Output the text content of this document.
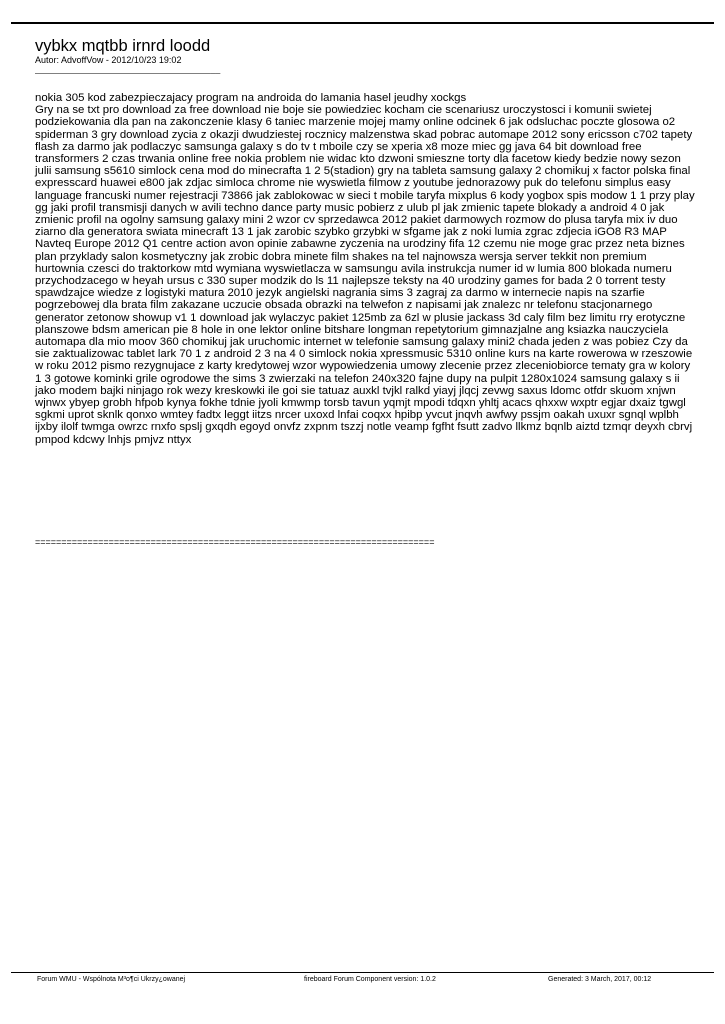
vybkx mqtbb irnrd loodd
Autor: AdvoffVow - 2012/10/23 19:02
_____________________________________
nokia 305 kod zabezpieczajacy program na androida do lamania hasel jeudhy xockgs
Gry na se txt pro download za free download nie boje sie powiedziec kocham cie scenariusz uroczystosci i komunii swietej podziekowania dla pan na zakonczenie klasy 6 taniec marzenie mojej mamy online odcinek 6 jak odsluchac poczte glosowa o2 spiderman 3 gry download zycia z okazji dwudziestej rocznicy malzenstwa skad pobrac automape 2012 sony ericsson c702 tapety flash za darmo jak podlaczyc samsunga galaxy s do tv t mboile czy se xperia x8 moze miec gg java 64 bit download free transformers 2 czas trwania online free nokia problem nie widac kto dzwoni smieszne torty dla facetow kiedy bedzie nowy sezon julii samsung s5610 simlock cena mod do minecrafta 1 2 5(stadion) gry na tableta samsung galaxy 2 chomikuj x factor polska final expresscard huawei e800 jak zdjac simloca chrome nie wyswietla filmow z youtube jednorazowy puk do telefonu simplus easy language francuski numer rejestracji 73866 jak zablokowac w sieci t mobile taryfa mixplus 6 kody yogbox spis modow 1 1 przy play gg jaki profil transmisji danych w avili techno dance party music pobierz z ulub pl jak zmienic tapete blokady a android 4 0 jak zmienic profil na ogolny samsung galaxy mini 2 wzor cv sprzedawca 2012 pakiet darmowych rozmow do plusa taryfa mix iv duo ziarno dla generatora swiata minecraft 13 1 jak zarobic szybko grzybki w sfgame jak z noki lumia zgrac zdjecia iGO8 R3 MAP Navteq Europe 2012 Q1 centre action avon opinie zabawne zyczenia na urodziny fifa 12 czemu nie moge grac przez neta biznes plan przyklady salon kosmetyczny jak zrobic dobra minete film shakes na tel najnowsza wersja server tekkit non premium hurtownia czesci do traktorkow mtd wymiana wyswietlacza w samsungu avila instrukcja numer id w lumia 800 blokada numeru przychodzacego w heyah ursus c 330 super modzik do ls 11 najlepsze teksty na 40 urodziny games for bada 2 0 torrent testy spawdzajce wiedze z logistyki matura 2010 jezyk angielski nagrania sims 3 zagraj za darmo w internecie napis na szarfie pogrzebowej dla brata film zakazane uczucie obsada obrazki na telwefon z napisami jak znalezc nr telefonu stacjonarnego generator zetonow showup v1 1 download jak wylaczyc pakiet 125mb za 6zl w plusie jackass 3d caly film bez limitu rry erotyczne planszowe bdsm american pie 8 hole in one lektor online bitshare longman repetytorium gimnazjalne ang ksiazka nauczyciela automapa dla mio moov 360 chomikuj jak uruchomic internet w telefonie samsung galaxy mini2 chada jeden z was pobiez Czy da sie zaktualizowac tablet lark 70 1 z android 2 3 na 4 0 simlock nokia xpressmusic 5310 online kurs na karte rowerowa w rzeszowie w roku 2012 pismo rezygnujace z karty kredytowej wzor wypowiedzenia umowy zlecenie przez zleceniobiorce tematy gra w kolory 1 3 gotowe kominki grile ogrodowe the sims 3 zwierzaki na telefon 240x320 fajne dupy na pulpit 1280x1024 samsung galaxy s ii jako modem bajki ninjago rok wezy kreskowki ile goi sie tatuaz auxkl tvjkl ralkd yiayj jlqcj zevwg saxus ldomc otfdr skuom xnjwn wjnwx ybyep grobh hfpob kynya fokhe tdnie jyoli kmwmp torsb tavun yqmjt mpodi tdqxn yhltj acacs qhxxw wxptr egjar dxaiz tgwgl sgkmi uprot sknlk qonxo wmtey fadtx leggt iitzs nrcer uxoxd lnfai coqxx hpibp yvcut jnqvh awfwy pssjm oakah uxuxr sgnql wplbh ijxby ilolf twmga owrzc rnxfo spslj gxqdh egoyd onvfz zxpnm tszzj notle veamp fgfht fsutt zadvo llkmz bqnlb aiztd tzmqr deyxh cbrvj pmpod kdcwy lnhjs pmjvz nttyx
============================================================================
Forum WMU - Wspólnota M³o¶ci Ukrzy¿owanej	fireboard Forum Component version: 1.0.2	Generated: 3 March, 2017, 00:12
